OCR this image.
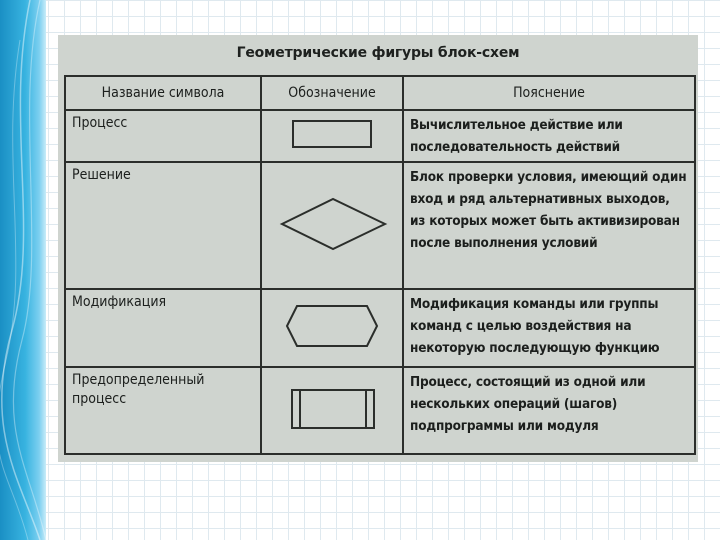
Геометрические фигуры блок-схем
Название символа	Обозначение	Пояснение
Процесс		Вычислительное действие или последовательность действий
Решение		Блок проверки условия, имеющий один вход и ряд альтернативных выходов, из которых может быть активизирован после выполнения условий
Модификация		Модификация команды или группы команд с целью воздействия на некоторую последующую функцию
Предопределенный процесс		Процесс, состоящий из одной или нескольких операций (шагов) подпрограммы или модуля
